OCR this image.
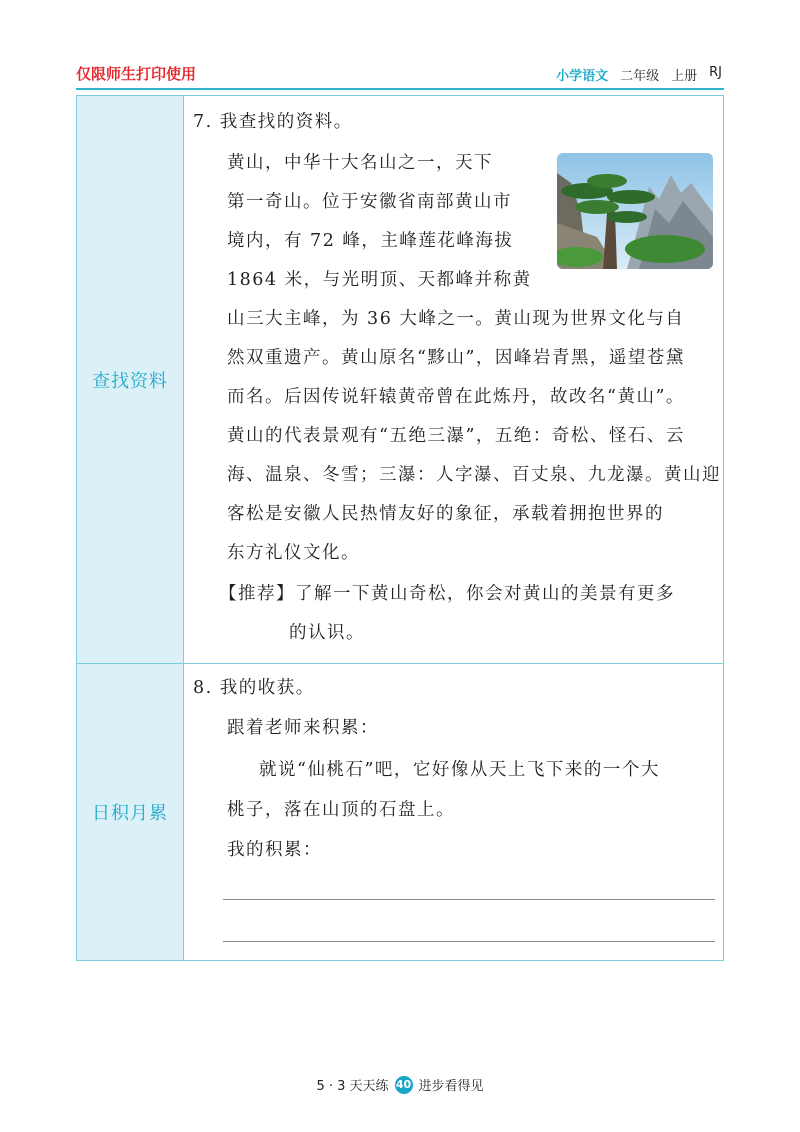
仅限师生打印使用	小学语文 二年级 上册 RJ
查找资料
日积月累
7. 我查找的资料。
黄山，中华十大名山之一，天下
第一奇山。位于安徽省南部黄山市
境内，有 72 峰，主峰莲花峰海拔
1864 米，与光明顶、天都峰并称黄
山三大主峰，为 36 大峰之一。黄山现为世界文化与自
然双重遗产。黄山原名“黟山”，因峰岩青黑，遥望苍黛
而名。后因传说轩辕黄帝曾在此炼丹，故改名“黄山”。
黄山的代表景观有“五绝三瀑”，五绝：奇松、怪石、云
海、温泉、冬雪；三瀑：人字瀑、百丈泉、九龙瀑。黄山迎
客松是安徽人民热情友好的象征，承载着拥抱世界的
东方礼仪文化。
【推荐】了解一下黄山奇松，你会对黄山的美景有更多
的认识。
8. 我的收获。
跟着老师来积累：
就说“仙桃石”吧，它好像从天上飞下来的一个大
桃子，落在山顶的石盘上。
我的积累：
5 · 3 天天练 40 进步看得见
